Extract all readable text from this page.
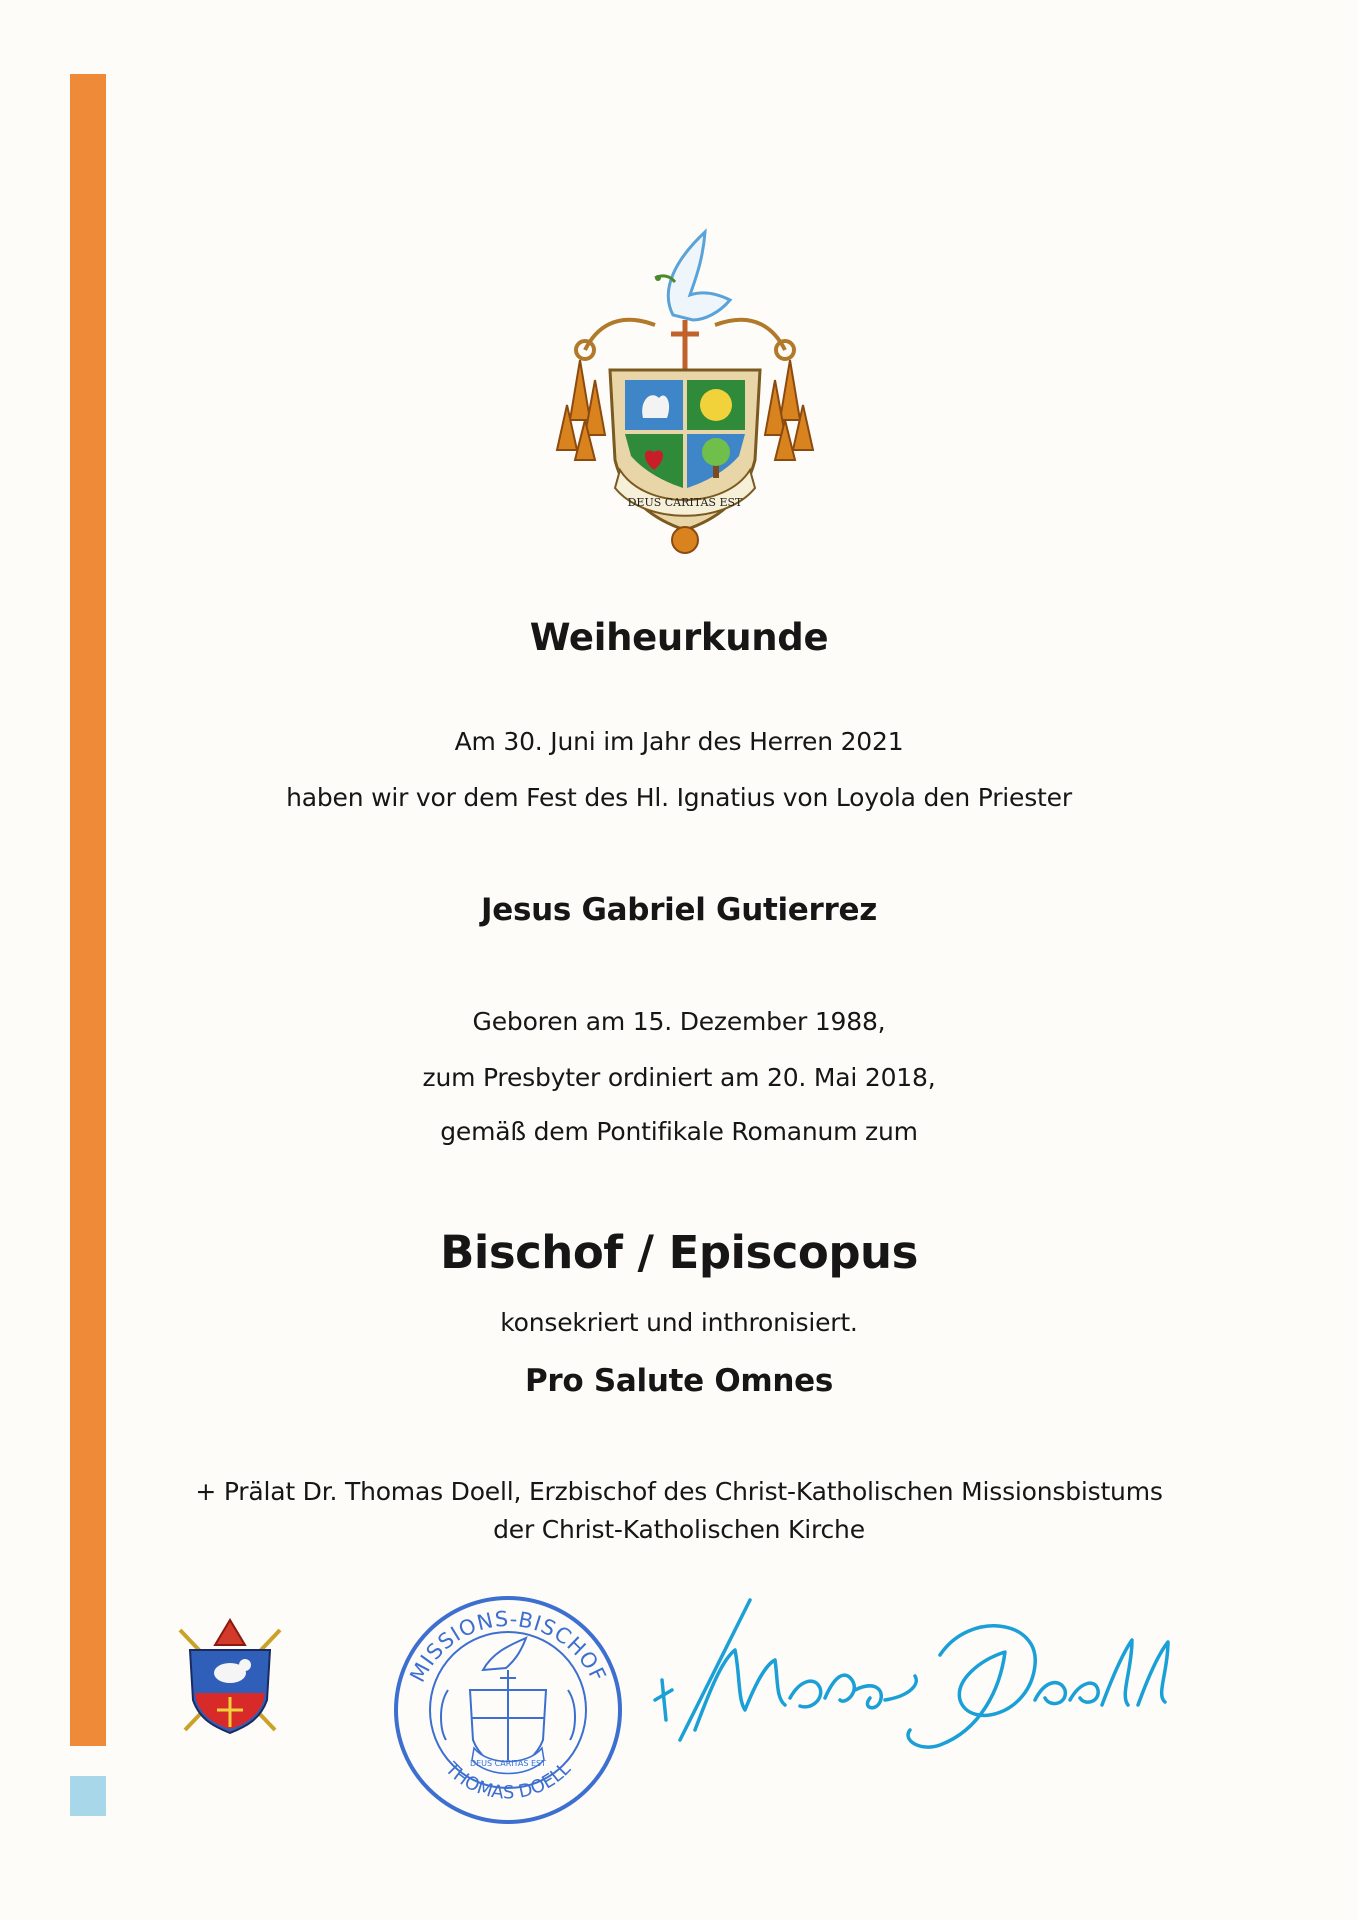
DEUS CARITAS EST
Weiheurkunde
Am 30. Juni im Jahr des Herren 2021
haben wir vor dem Fest des Hl. Ignatius von Loyola den Priester
Jesus Gabriel Gutierrez
Geboren am 15. Dezember 1988,
zum Presbyter ordiniert am 20. Mai 2018,
gemäß dem Pontifikale Romanum zum
Bischof / Episcopus
konsekriert und inthronisiert.
Pro Salute Omnes
+ Prälat Dr. Thomas Doell, Erzbischof des Christ-Katholischen Missionsbistums
der Christ-Katholischen Kirche
MISSIONS-BISCHOF
THOMAS DOELL
DEUS CARITAS EST
